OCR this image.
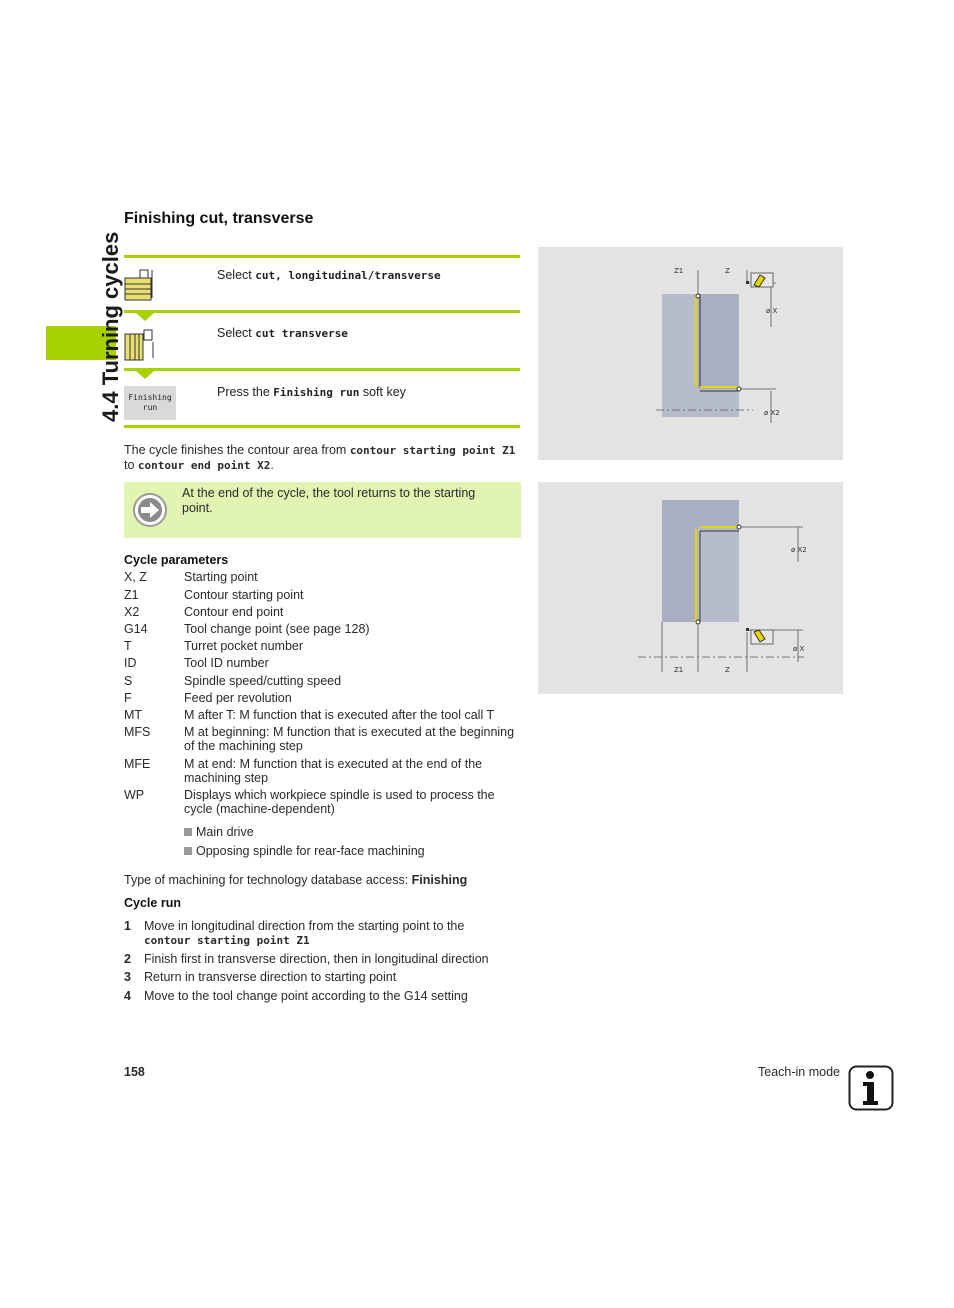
4.4 Turning cycles
Finishing cut, transverse
Select cut, longitudinal/transverse
Select cut transverse
Finishing
run
Press the Finishing run soft key
The cycle finishes the contour area from contour starting point Z1
to contour end point X2.
At the end of the cycle, the tool returns to the starting point.
Cycle parameters
X, Z	Starting point
Z1	Contour starting point
X2	Contour end point
G14	Tool change point (see page 128)
T	Turret pocket number
ID	Tool ID number
S	Spindle speed/cutting speed
F	Feed per revolution
MT	M after T: M function that is executed after the tool call T
MFS	M at beginning: M function that is executed at the beginning of the machining step
MFE	M at end: M function that is executed at the end of the machining step
WP	Displays which workpiece spindle is used to process the cycle (machine-dependent)
Main drive
Opposing spindle for rear-face machining
Type of machining for technology database access: Finishing
Cycle run
1 Move in longitudinal direction from the starting point to the
contour starting point Z1
2 Finish first in transverse direction, then in longitudinal direction
3 Return in transverse direction to starting point
4 Move to the tool change point according to the G14 setting
Z1	Z
ø X
ø X2
Z1	Z
ø X2
ø X
158	Teach-in mode
